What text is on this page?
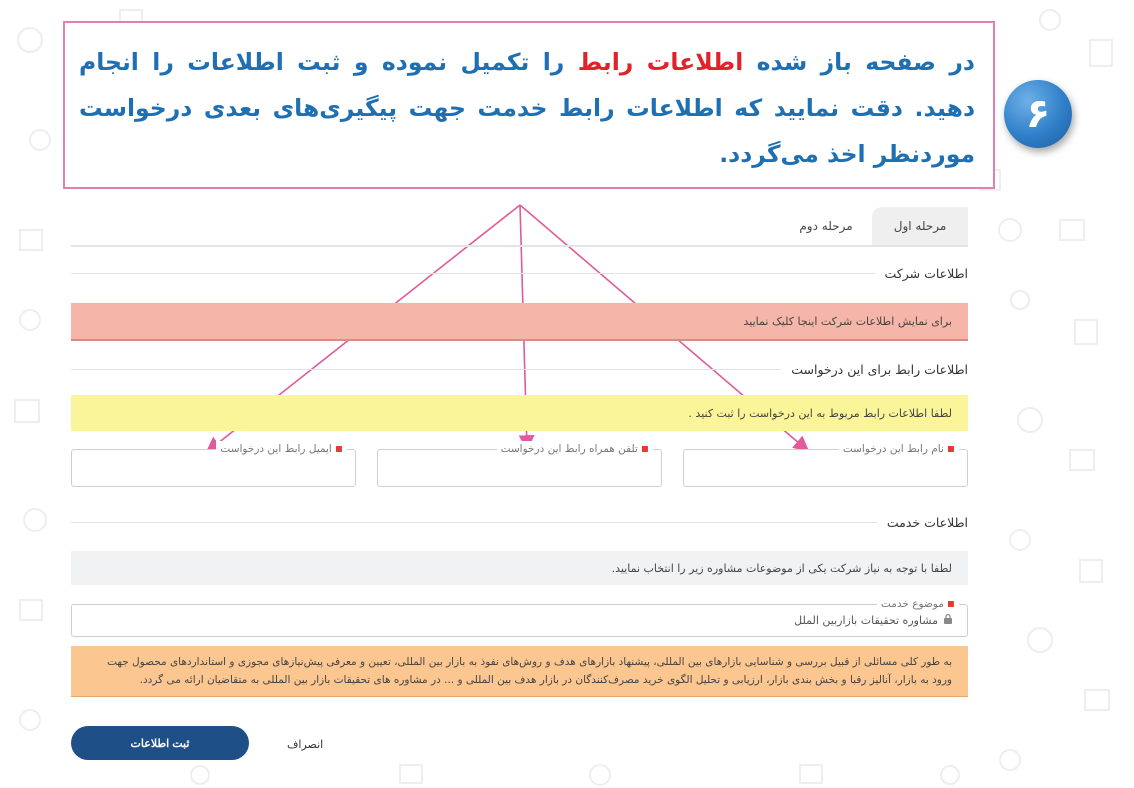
در صفحه باز شده اطلاعات رابط را تکمیل نموده و ثبت اطلاعات را انجام دهید. دقت نمایید که اطلاعات رابط خدمت جهت پیگیری‌های بعدی درخواست موردنظر اخذ می‌گردد.
۶
مرحله اول
مرحله دوم
اطلاعات شرکت
برای نمایش اطلاعات شرکت اینجا کلیک نمایید
اطلاعات رابط برای این درخواست
لطفا اطلاعات رابط مربوط به این درخواست را ثبت کنید .
▪نام رابط این درخواست
▪تلفن همراه رابط این درخواست
▪ایمیل رابط این درخواست
اطلاعات خدمت
لطفا با توجه به نیاز شرکت یکی از موضوعات مشاوره زیر را انتخاب نمایید.
▪موضوع خدمت
مشاوره تحقیقات بازاربین الملل
به طور کلی مسائلی از قبیل بررسی و شناسایی بازارهای بین المللی، پیشنهاد بازارهای هدف و روش‌های نفوذ به بازار بین المللی، تعیین و معرفی پیش‌نیازهای مجوزی و استانداردهای محصول جهت ورود به بازار، آنالیز رقبا و بخش بندی بازار، ارزیابی و تحلیل الگوی خرید مصرف‌کنندگان در بازار هدف بین المللی و ... در مشاوره های تحقیقات بازار بین المللی به متقاضیان ارائه می گردد.
ثبت اطلاعات	انصراف
